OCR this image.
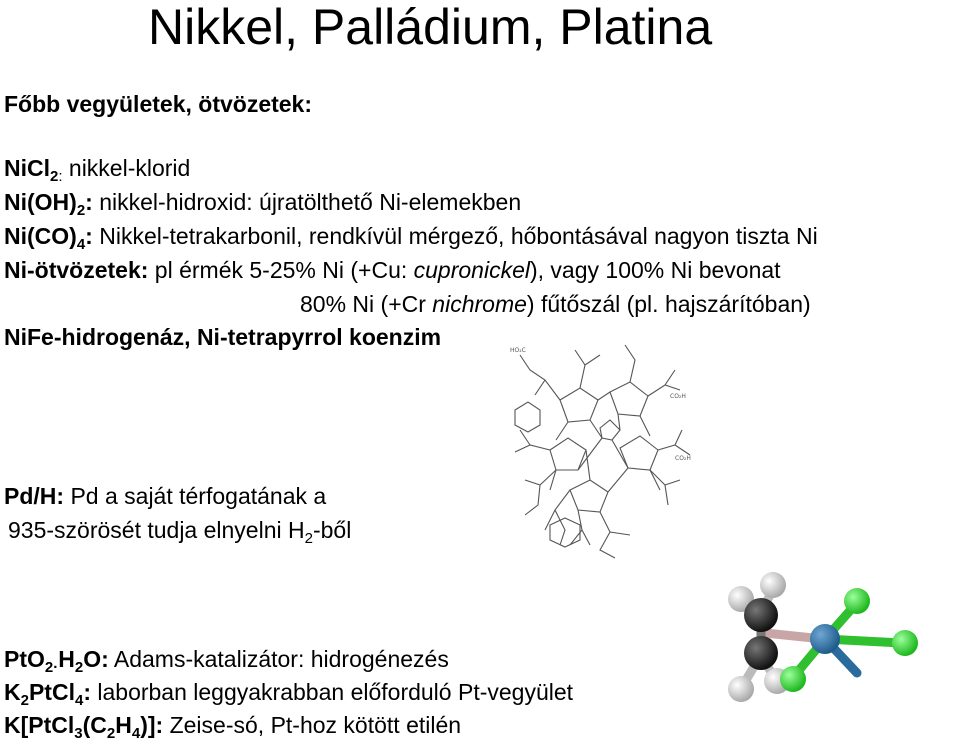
Nikkel, Palládium, Platina
Főbb vegyületek, ötvözetek:
NiCl$_{2:}$ nikkel-klorid
$Ni(OH)_2$: nikkel-hidroxid: újratölthető Ni-elemekben
$Ni(CO)_4$: Nikkel-tetrakarbonil, rendkívül mérgező, hőbontásával nagyon tiszta Ni
Ni-ötvözetek: pl érmék 5-25% Ni (+Cu: cupronickel), vagy 100% Ni bevonat
80% Ni (+Cr nichrome) fűtőszál (pl. hajszárítóban)
NiFe-hidrogenáz, Ni-tetrapyrrol koenzim
Pd/H: Pd a saját térfogatának a
935-szörösét tudja elnyelni $H_2$-ből
$PtO_{2\cdot}H_2O$: Adams-katalizátor: hidrogénezés
$K_2PtCl_4$: laborban leggyakrabban előforduló Pt-vegyület
$K[PtCl_3(C_2H_4)]$: Zeise-só, Pt-hoz kötött etilén
HO₂C
CO₂H
CO₂H
